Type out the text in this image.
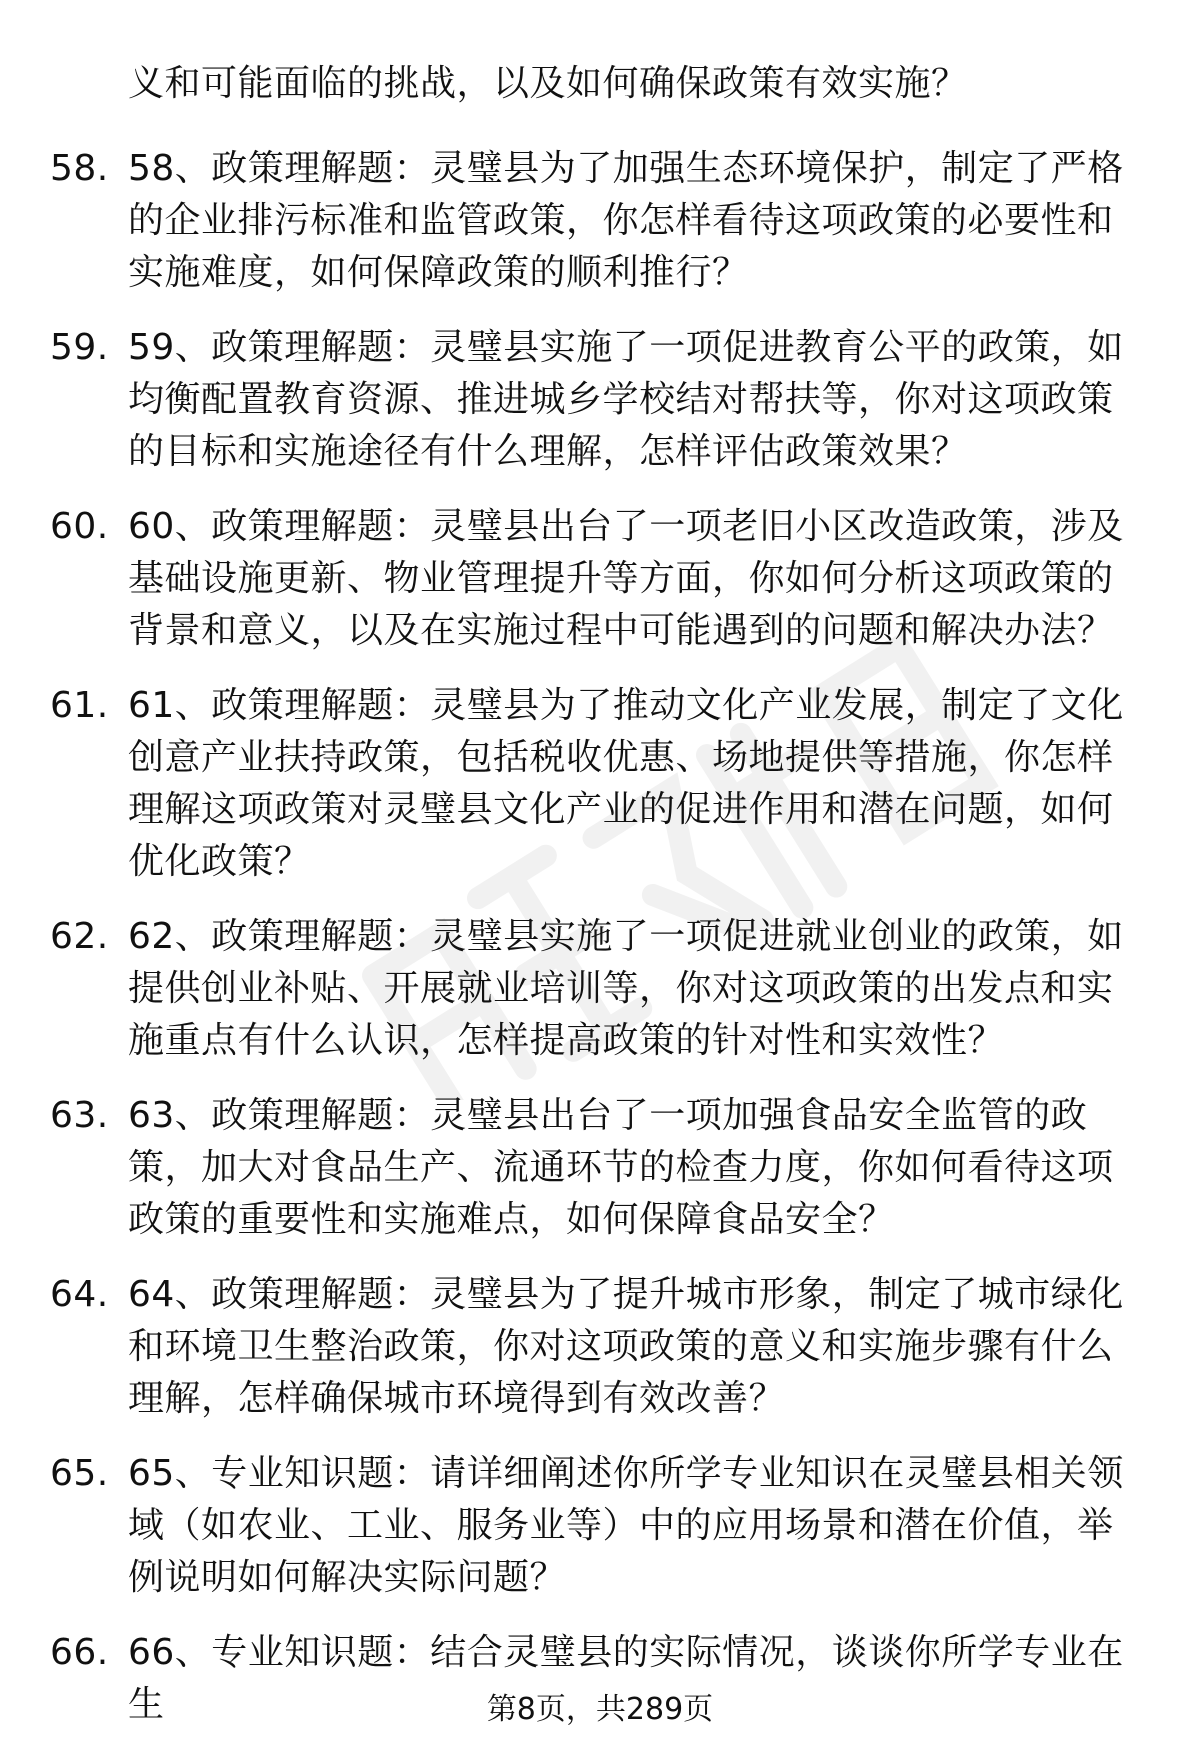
义和可能面临的挑战，以及如何确保政策有效实施？
58. 58、政策理解题：灵璧县为了加强生态环境保护，制定了严格的企业排污标准和监管政策，你怎样看待这项政策的必要性和实施难度，如何保障政策的顺利推行？
59. 59、政策理解题：灵璧县实施了一项促进教育公平的政策，如均衡配置教育资源、推进城乡学校结对帮扶等，你对这项政策的目标和实施途径有什么理解，怎样评估政策效果？
60. 60、政策理解题：灵璧县出台了一项老旧小区改造政策，涉及基础设施更新、物业管理提升等方面，你如何分析这项政策的背景和意义，以及在实施过程中可能遇到的问题和解决办法？
61. 61、政策理解题：灵璧县为了推动文化产业发展，制定了文化创意产业扶持政策，包括税收优惠、场地提供等措施，你怎样理解这项政策对灵璧县文化产业的促进作用和潜在问题，如何优化政策？
62. 62、政策理解题：灵璧县实施了一项促进就业创业的政策，如提供创业补贴、开展就业培训等，你对这项政策的出发点和实施重点有什么认识，怎样提高政策的针对性和实效性？
63. 63、政策理解题：灵璧县出台了一项加强食品安全监管的政策，加大对食品生产、流通环节的检查力度，你如何看待这项政策的重要性和实施难点，如何保障食品安全？
64. 64、政策理解题：灵璧县为了提升城市形象，制定了城市绿化和环境卫生整治政策，你对这项政策的意义和实施步骤有什么理解，怎样确保城市环境得到有效改善？
65. 65、专业知识题：请详细阐述你所学专业知识在灵璧县相关领域（如农业、工业、服务业等）中的应用场景和潜在价值，举例说明如何解决实际问题？
66. 66、专业知识题：结合灵璧县的实际情况，谈谈你所学专业在生	第8页，共289页
